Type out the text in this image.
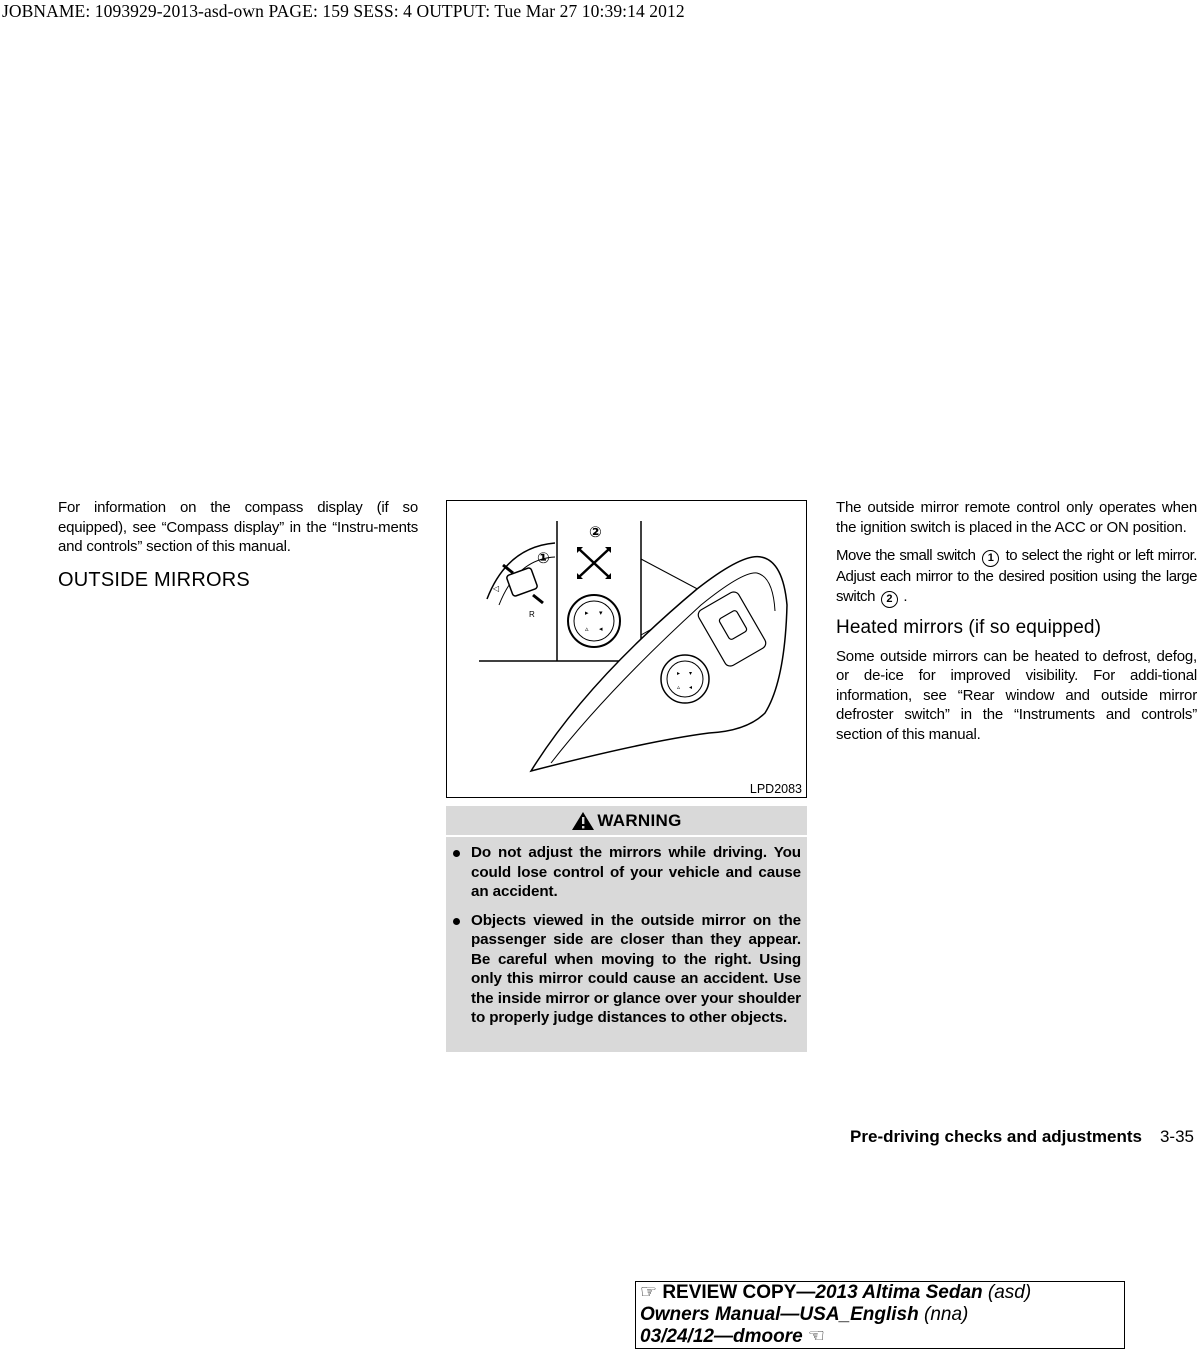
JOBNAME: 1093929-2013-asd-own PAGE: 159 SESS: 4 OUTPUT: Tue Mar 27 10:39:14 2012

For information on the compass display (if so equipped), see “Compass display” in the “Instru-ments and controls” section of this manual.

OUTSIDE MIRRORS
①
◁
R	▸ ▾
▵ ◂
②
▸ ▾
▵ ◂
LPD2083
WARNING
Do not adjust the mirrors while driving. You could lose control of your vehicle and cause an accident.
Objects viewed in the outside mirror on the passenger side are closer than they appear. Be careful when moving to the right. Using only this mirror could cause an accident. Use the inside mirror or glance over your shoulder to properly judge distances to other objects.

The outside mirror remote control only operates when the ignition switch is placed in the ACC or ON position.

Move the small switch 1 to select the right or left mirror. Adjust each mirror to the desired position using the large switch 2 .

Heated mirrors (if so equipped)

Some outside mirrors can be heated to defrost, defog, or de-ice for improved visibility. For addi-tional information, see “Rear window and outside mirror defroster switch” in the “Instruments and controls” section of this manual.

Pre-driving checks and adjustments 3-35
☞ REVIEW COPY—2013 Altima Sedan (asd)
Owners Manual—USA_English (nna)
03/24/12—dmoore ☜
